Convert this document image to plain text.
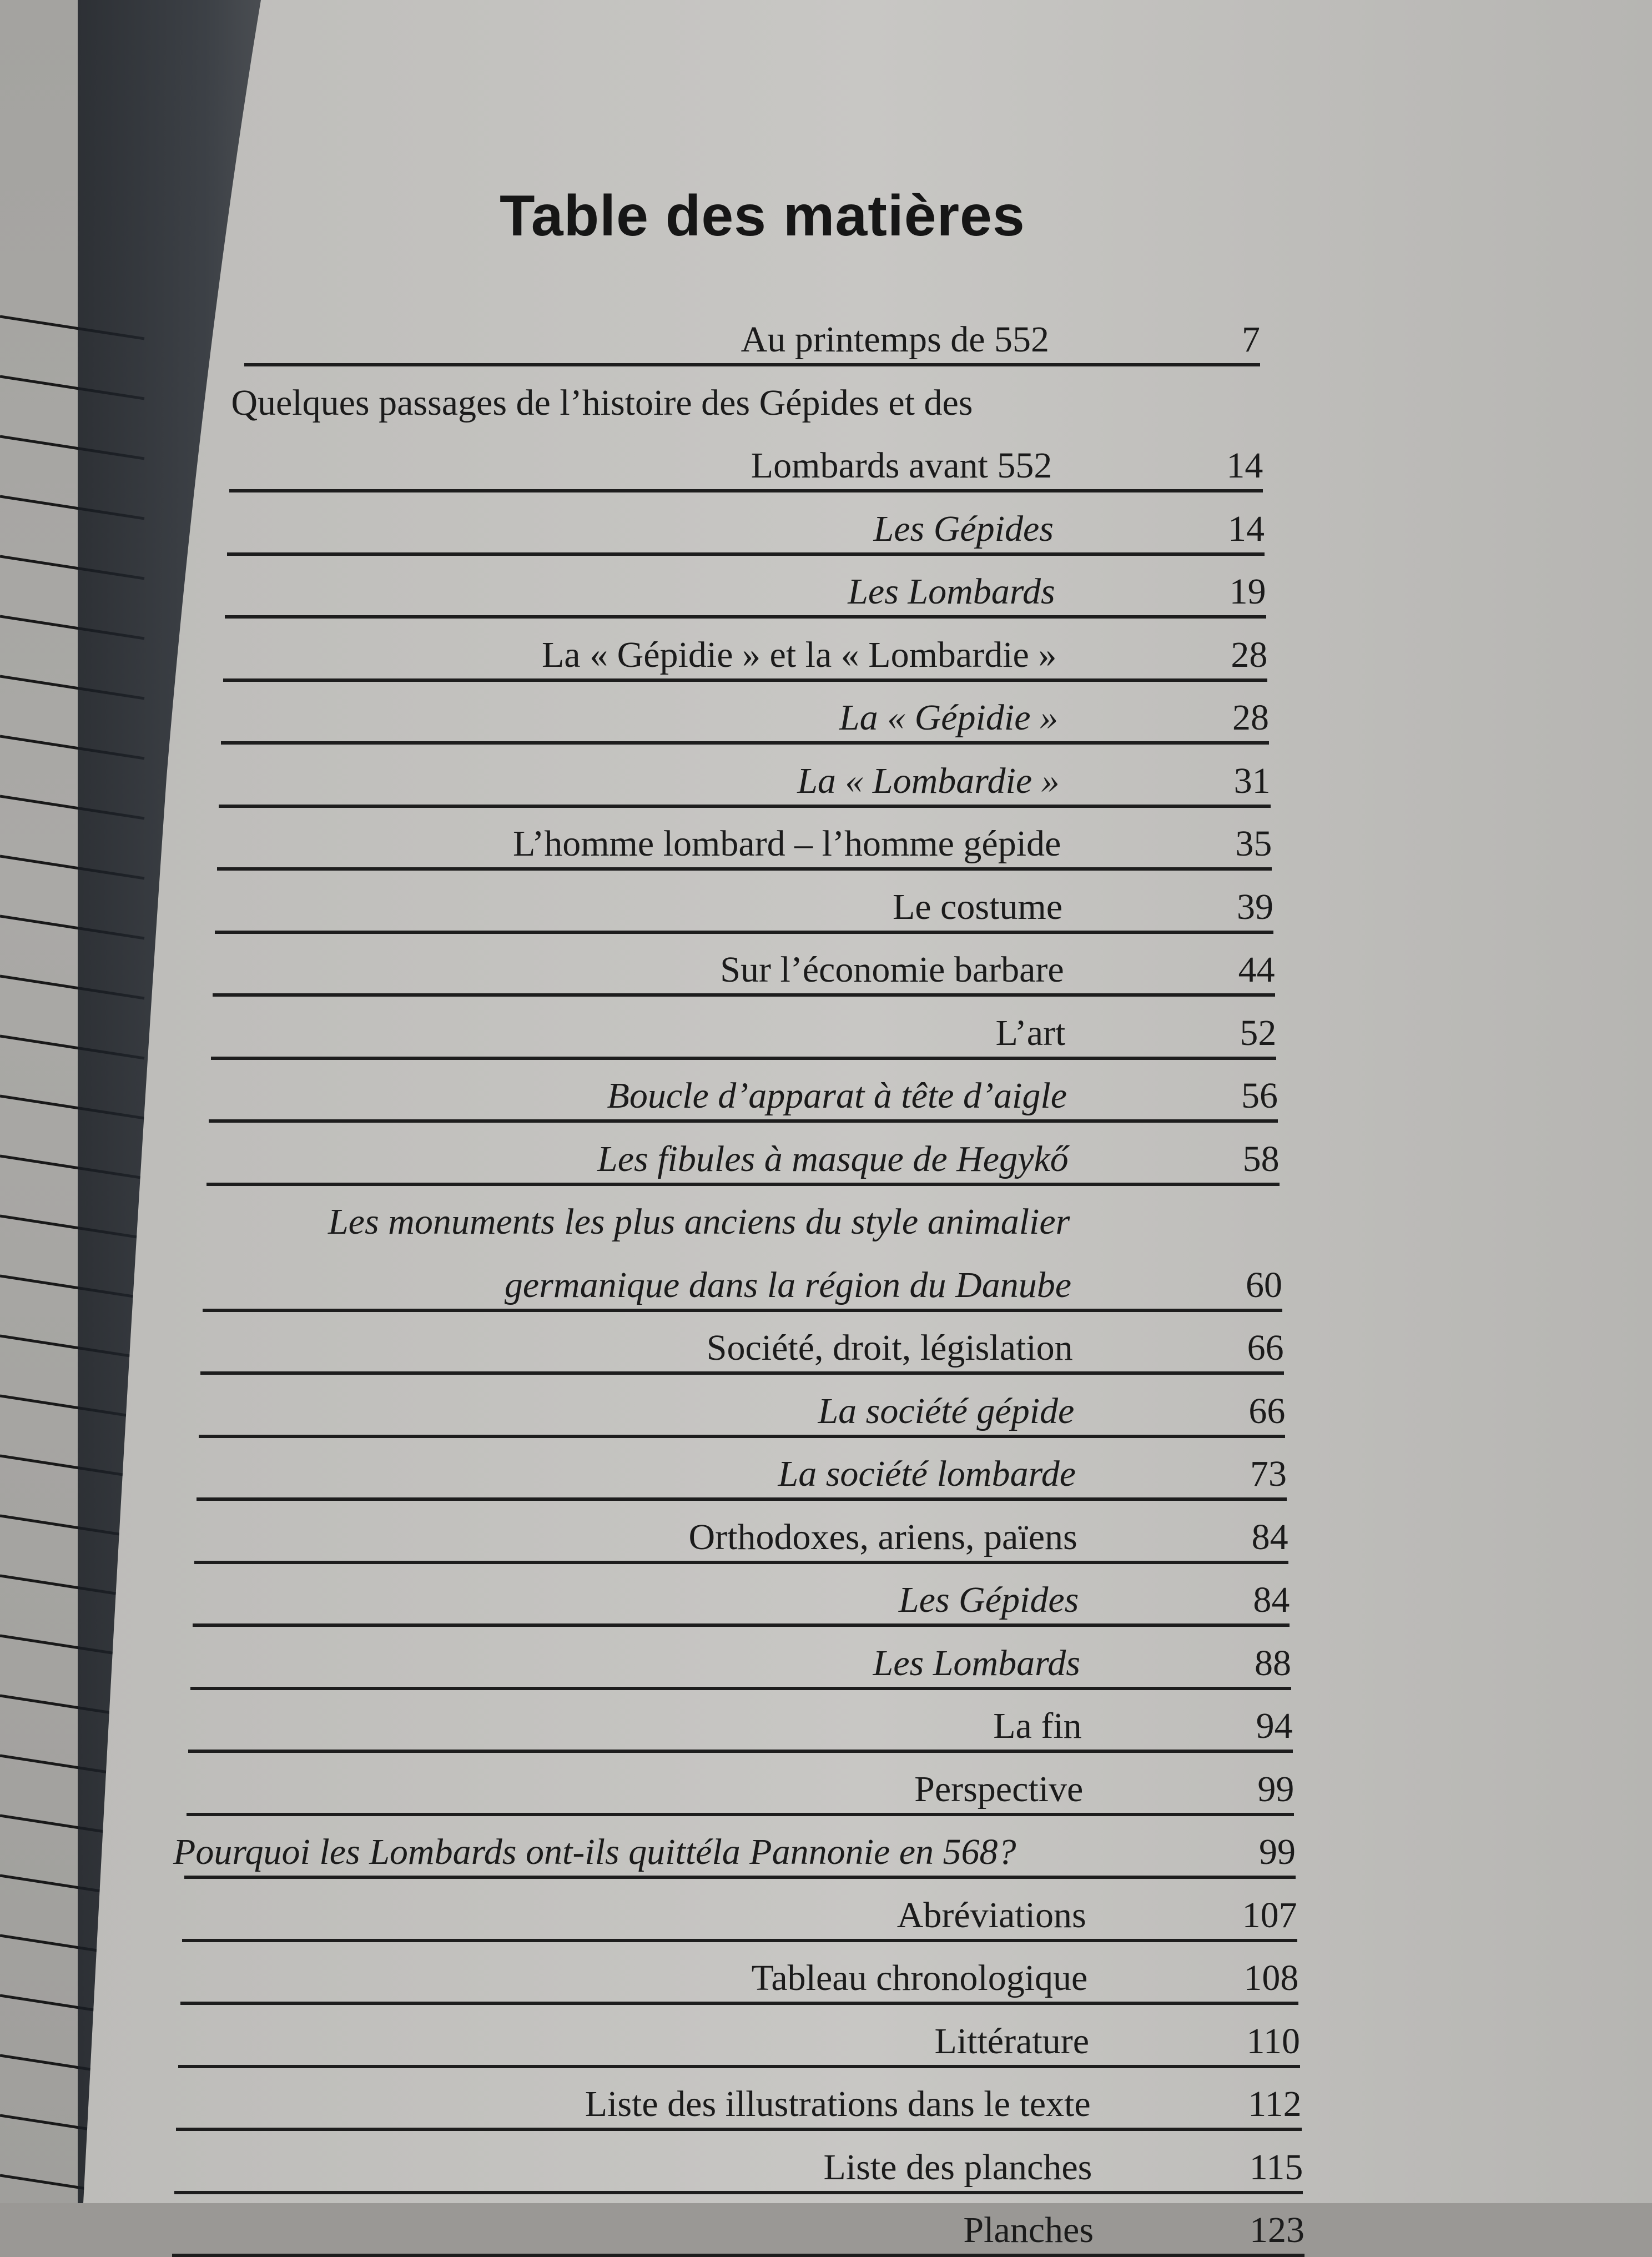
Table des matières
Au printemps de 552	7
Quelques passages de l’histoire des Gépides et des
Lombards avant 552	14
Les Gépides	14
Les Lombards	19
La « Gépidie » et la « Lombardie »	28
La « Gépidie »	28
La « Lombardie »	31
L’homme lombard – l’homme gépide	35
Le costume	39
Sur l’économie barbare	44
L’art	52
Boucle d’apparat à tête d’aigle	56
Les fibules à masque de Hegykő	58
Les monuments les plus anciens du style animalier
germanique dans la région du Danube	60
Société, droit, législation	66
La société gépide	66
La société lombarde	73
Orthodoxes, ariens, païens	84
Les Gépides	84
Les Lombards	88
La fin	94
Perspective	99
Pourquoi les Lombards ont-ils quittéla Pannonie en 568?	99
Abréviations	107
Tableau chronologique	108
Littérature	110
Liste des illustrations dans le texte	112
Liste des planches	115
Planches	123
